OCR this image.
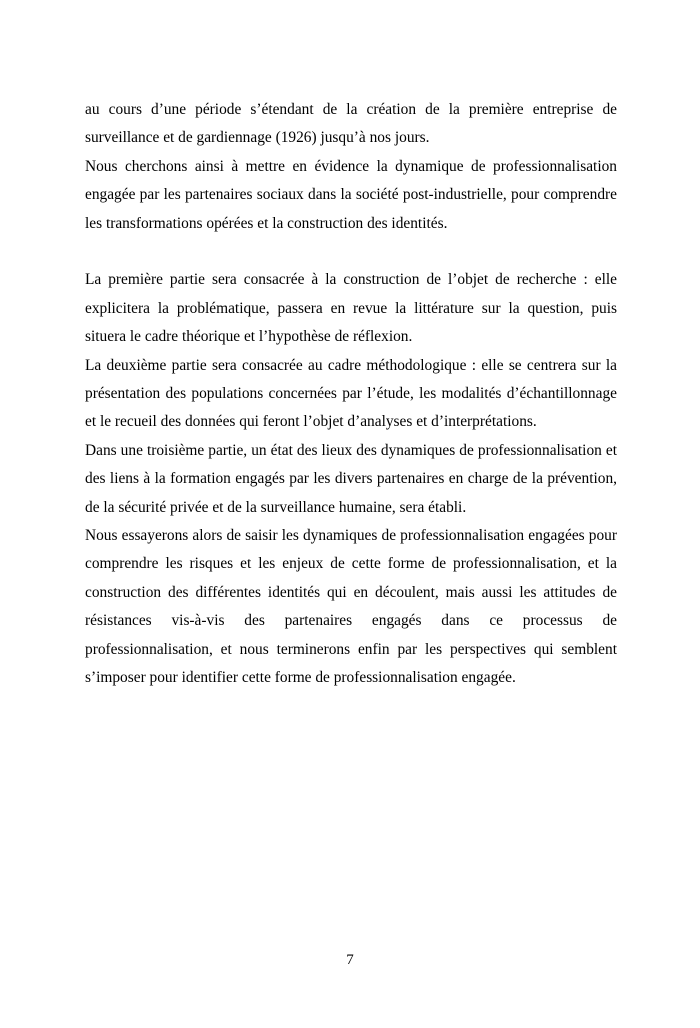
au cours d’une période s’étendant de la création de la première entreprise de surveillance et de gardiennage (1926) jusqu’à nos jours.

Nous cherchons ainsi à mettre en évidence la dynamique de professionnalisation engagée par les partenaires sociaux dans la société post-industrielle, pour comprendre les transformations opérées et la construction des identités.

La première partie sera consacrée à la construction de l’objet de recherche : elle explicitera la problématique, passera en revue la littérature sur la question, puis situera le cadre théorique et l’hypothèse de réflexion.

La deuxième partie sera consacrée au cadre méthodologique : elle se centrera sur la présentation des populations concernées par l’étude, les modalités d’échantillonnage et le recueil des données qui feront l’objet d’analyses et d’interprétations.

Dans une troisième partie, un état des lieux des dynamiques de professionnalisation et des liens à la formation engagés par les divers partenaires en charge de la prévention, de la sécurité privée et de la surveillance humaine, sera établi.

Nous essayerons alors de saisir les dynamiques de professionnalisation engagées pour comprendre les risques et les enjeux de cette forme de professionnalisation, et la construction des différentes identités qui en découlent, mais aussi les attitudes de résistances vis-à-vis des partenaires engagés dans ce processus de professionnalisation, et nous terminerons enfin par les perspectives qui semblent s’imposer pour identifier cette forme de professionnalisation engagée.

7
